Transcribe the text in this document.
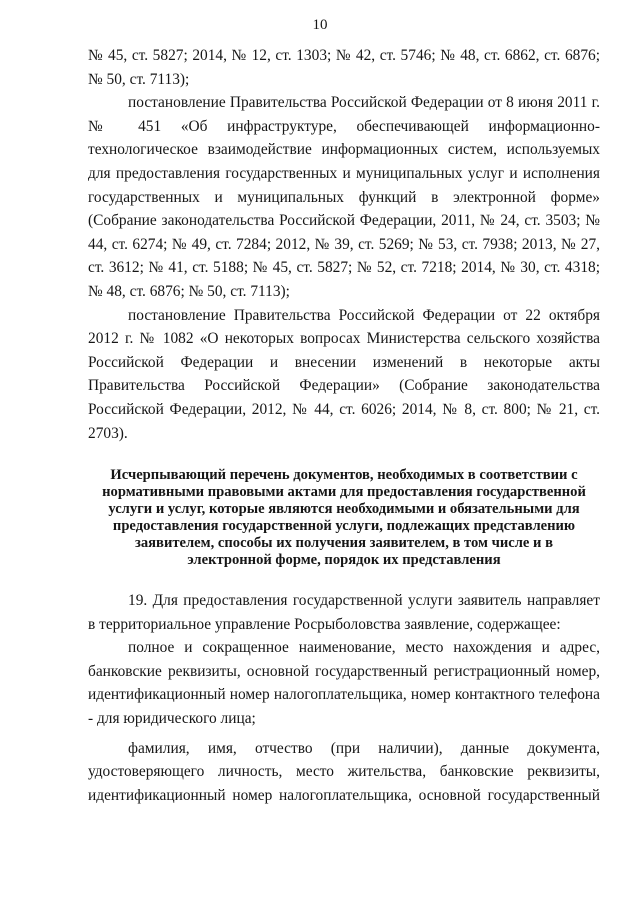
10

№ 45, ст. 5827; 2014, № 12, ст. 1303; № 42, ст. 5746; № 48, ст. 6862, ст. 6876; № 50, ст. 7113);

постановление Правительства Российской Федерации от 8 июня 2011 г. № 451 «Об инфраструктуре, обеспечивающей информационно-технологическое взаимодействие информационных систем, используемых для предоставления государственных и муниципальных услуг и исполнения государственных и муниципальных функций в электронной форме» (Собрание законодательства Российской Федерации, 2011, № 24, ст. 3503; № 44, ст. 6274; № 49, ст. 7284; 2012, № 39, ст. 5269; № 53, ст. 7938; 2013, № 27, ст. 3612; № 41, ст. 5188; № 45, ст. 5827; № 52, ст. 7218; 2014, № 30, ст. 4318; № 48, ст. 6876; № 50, ст. 7113);

постановление Правительства Российской Федерации от 22 октября 2012 г. № 1082 «О некоторых вопросах Министерства сельского хозяйства Российской Федерации и внесении изменений в некоторые акты Правительства Российской Федерации» (Собрание законодательства Российской Федерации, 2012, № 44, ст. 6026; 2014, № 8, ст. 800; № 21, ст. 2703).

Исчерпывающий перечень документов, необходимых в соответствии с нормативными правовыми актами для предоставления государственной услуги и услуг, которые являются необходимыми и обязательными для предоставления государственной услуги, подлежащих представлению заявителем, способы их получения заявителем, в том числе и в электронной форме, порядок их представления

19. Для предоставления государственной услуги заявитель направляет в территориальное управление Росрыболовства заявление, содержащее:

полное и сокращенное наименование, место нахождения и адрес, банковские реквизиты, основной государственный регистрационный номер, идентификационный номер налогоплательщика, номер контактного телефона - для юридического лица;

фамилия, имя, отчество (при наличии), данные документа, удостоверяющего личность, место жительства, банковские реквизиты, идентификационный номер налогоплательщика, основной государственный
